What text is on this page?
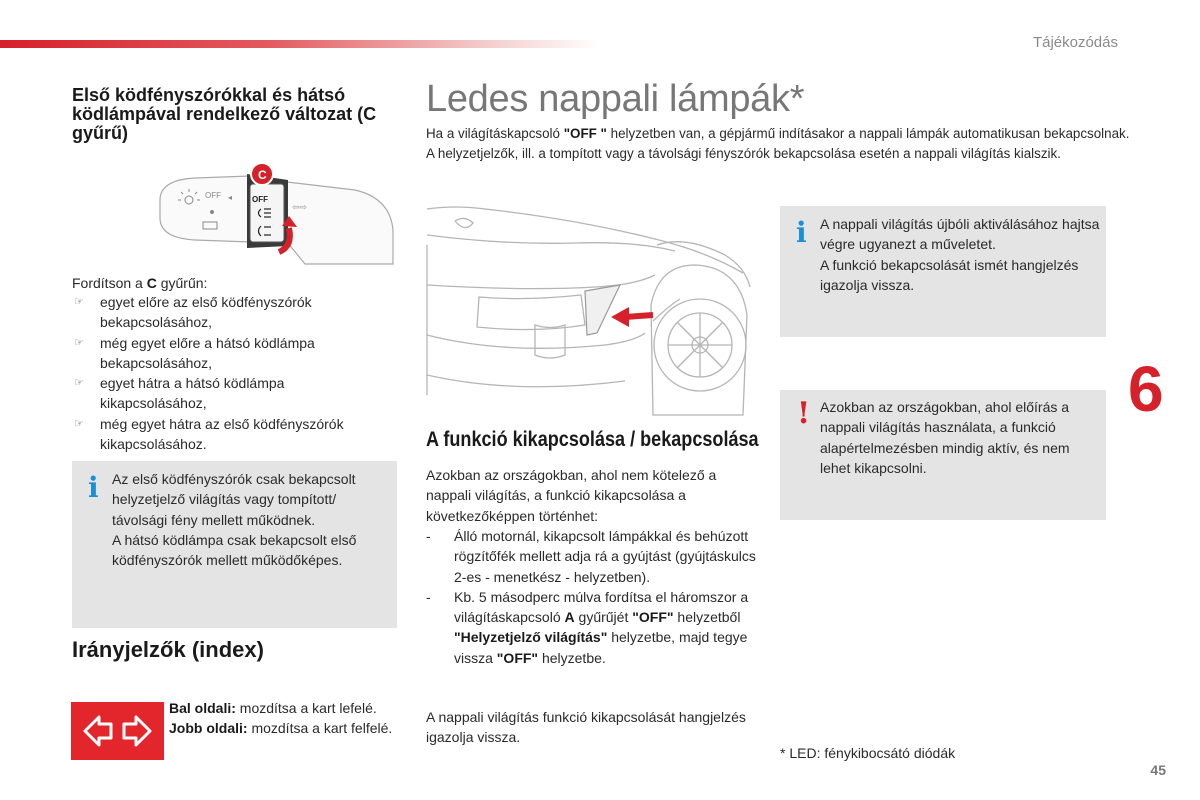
Tájékozódás
6
45
Első ködfényszórókkal és hátsó ködlámpával rendelkező változat (C gyűrű)
OFF ◂ OFF
⇦⇨
C
Fordítson a C gyűrűn:
☞ egyet előre az első ködfényszórók bekapcsolásához,
☞ még egyet előre a hátsó ködlámpa bekapcsolásához,
☞ egyet hátra a hátsó ködlámpa kikapcsolásához,
☞ még egyet hátra az első ködfényszórók kikapcsolásához.
i Az első ködfényszórók csak bekapcsolt helyzetjelző világítás vagy tompított/ távolsági fény mellett működnek.
A hátsó ködlámpa csak bekapcsolt első ködfényszórók mellett működőképes.
Irányjelzők (index)
Bal oldali: mozdítsa a kart lefelé.
Jobb oldali: mozdítsa a kart felfelé.
Ledes nappali lámpák*
Ha a világításkapcsoló "OFF " helyzetben van, a gépjármű indításakor a nappali lámpák automatikusan bekapcsolnak.
A helyzetjelzők, ill. a tompított vagy a távolsági fényszórók bekapcsolása esetén a nappali világítás kialszik.
A funkció kikapcsolása / bekapcsolása
Azokban az országokban, ahol nem kötelező a nappali világítás, a funkció kikapcsolása a következőképpen történhet:
- Álló motornál, kikapcsolt lámpákkal és behúzott rögzítőfék mellett adja rá a gyújtást (gyújtáskulcs 2-es - menetkész - helyzetben).
- Kb. 5 másodperc múlva fordítsa el háromszor a világításkapcsoló A gyűrűjét "OFF" helyzetből "Helyzetjelző világítás" helyzetbe, majd tegye vissza "OFF" helyzetbe.
A nappali világítás funkció kikapcsolását hangjelzés igazolja vissza.
i A nappali világítás újbóli aktiválásához hajtsa végre ugyanezt a műveletet.
A funkció bekapcsolását ismét hangjelzés igazolja vissza.
! Azokban az országokban, ahol előírás a nappali világítás használata, a funkció alapértelmezésben mindig aktív, és nem lehet kikapcsolni.
* LED: fénykibocsátó diódák
